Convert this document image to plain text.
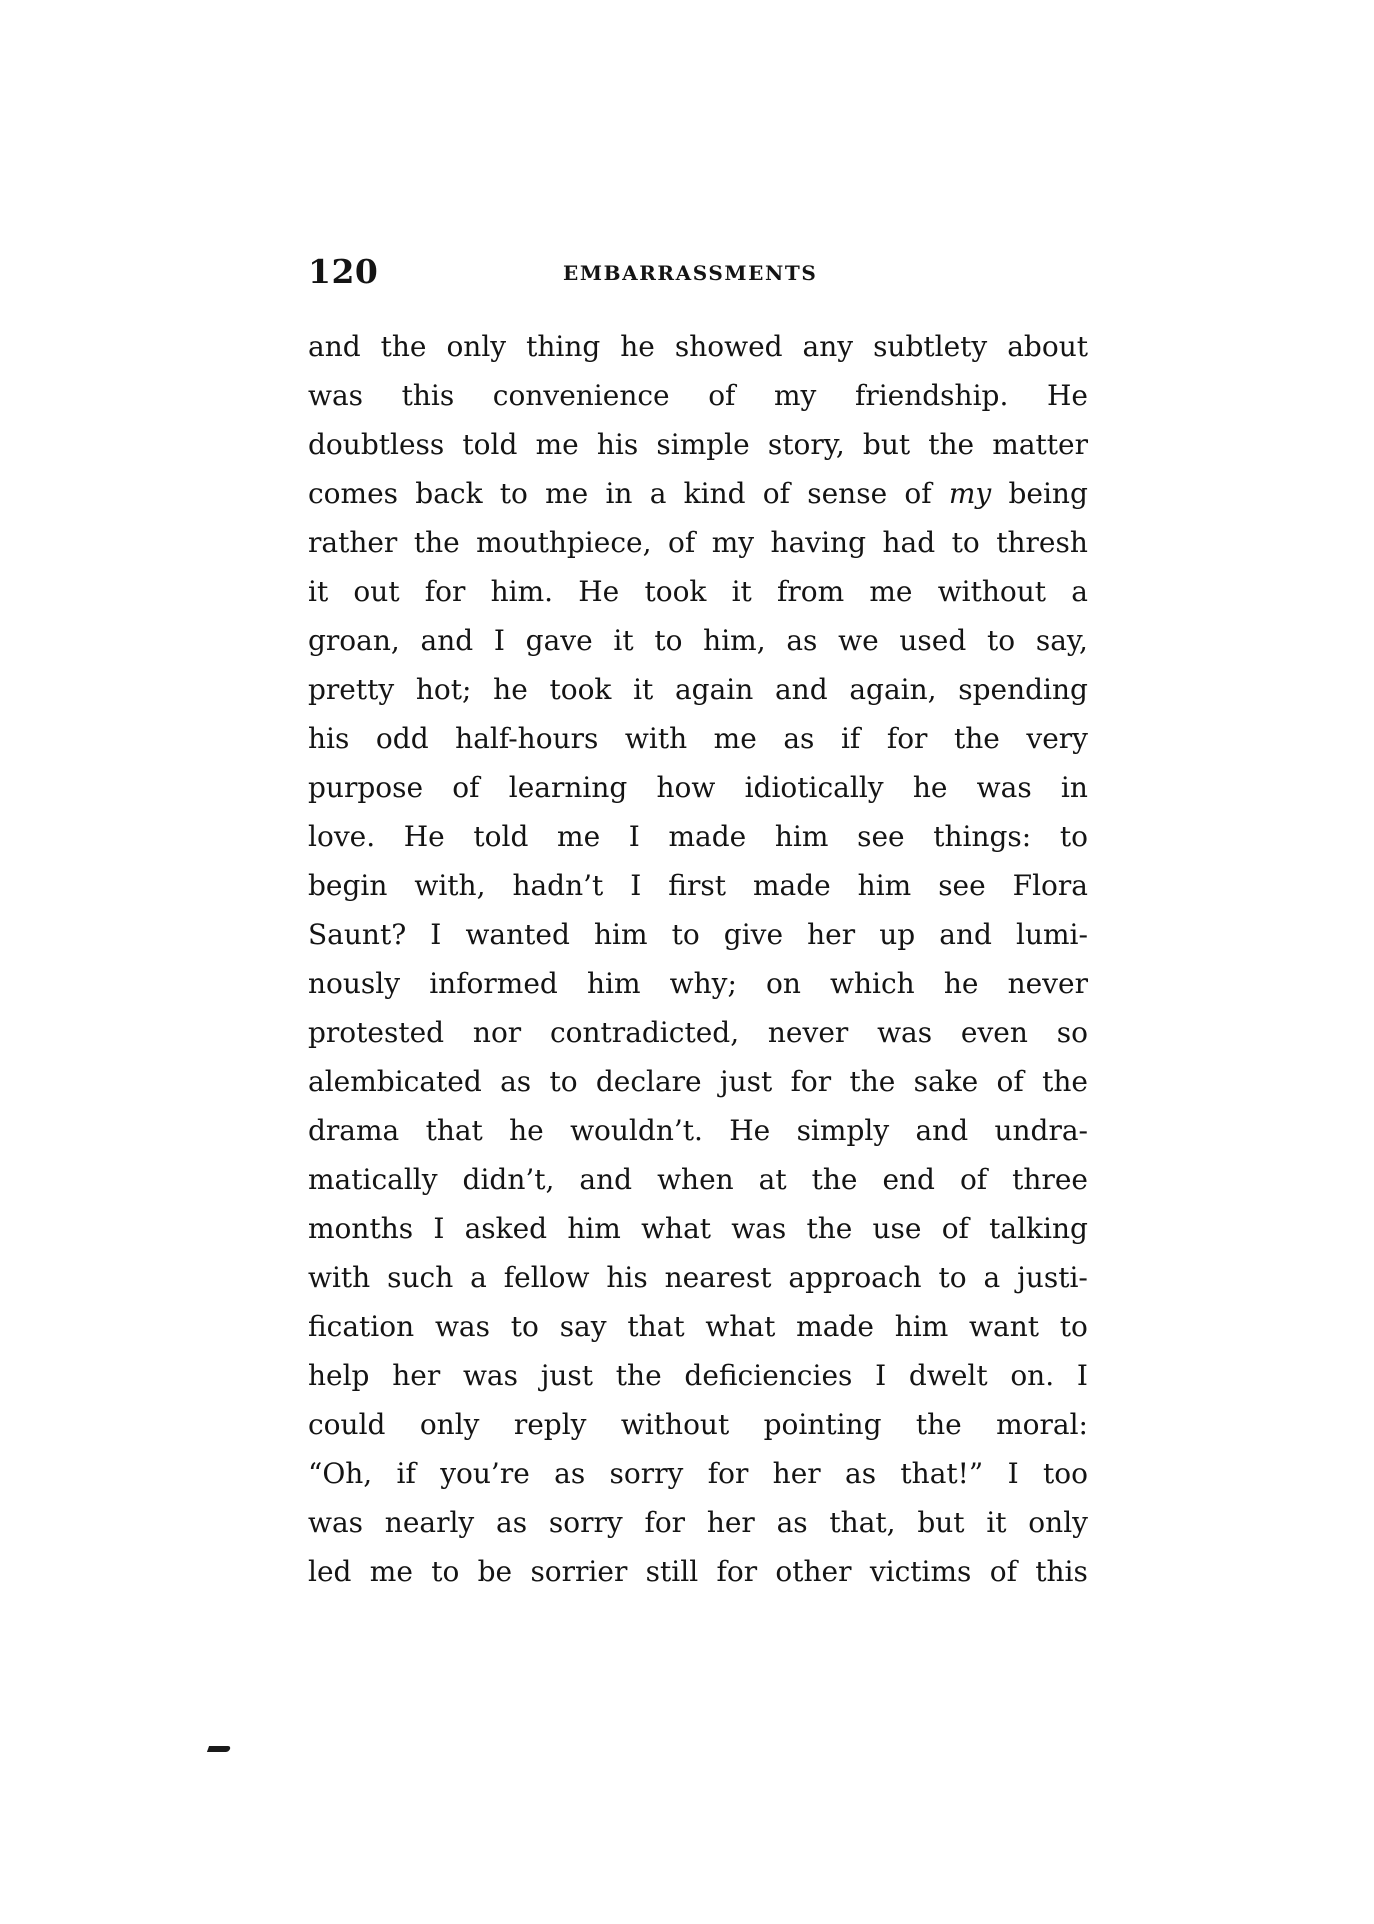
120	EMBARRASSMENTS
and the only thing he showed any subtlety about
was this convenience of my friendship. He
doubtless told me his simple story, but the matter
comes back to me in a kind of sense of my being
rather the mouthpiece, of my having had to thresh
it out for him. He took it from me without a
groan, and I gave it to him, as we used to say,
pretty hot; he took it again and again, spending
his odd half-hours with me as if for the very
purpose of learning how idiotically he was in
love. He told me I made him see things: to
begin with, hadn’t I first made him see Flora
Saunt? I wanted him to give her up and lumi-
nously informed him why; on which he never
protested nor contradicted, never was even so
alembicated as to declare just for the sake of the
drama that he wouldn’t. He simply and undra-
matically didn’t, and when at the end of three
months I asked him what was the use of talking
with such a fellow his nearest approach to a justi-
fication was to say that what made him want to
help her was just the deficiencies I dwelt on. I
could only reply without pointing the moral:
“Oh, if you’re as sorry for her as that!” I too
was nearly as sorry for her as that, but it only
led me to be sorrier still for other victims of this
